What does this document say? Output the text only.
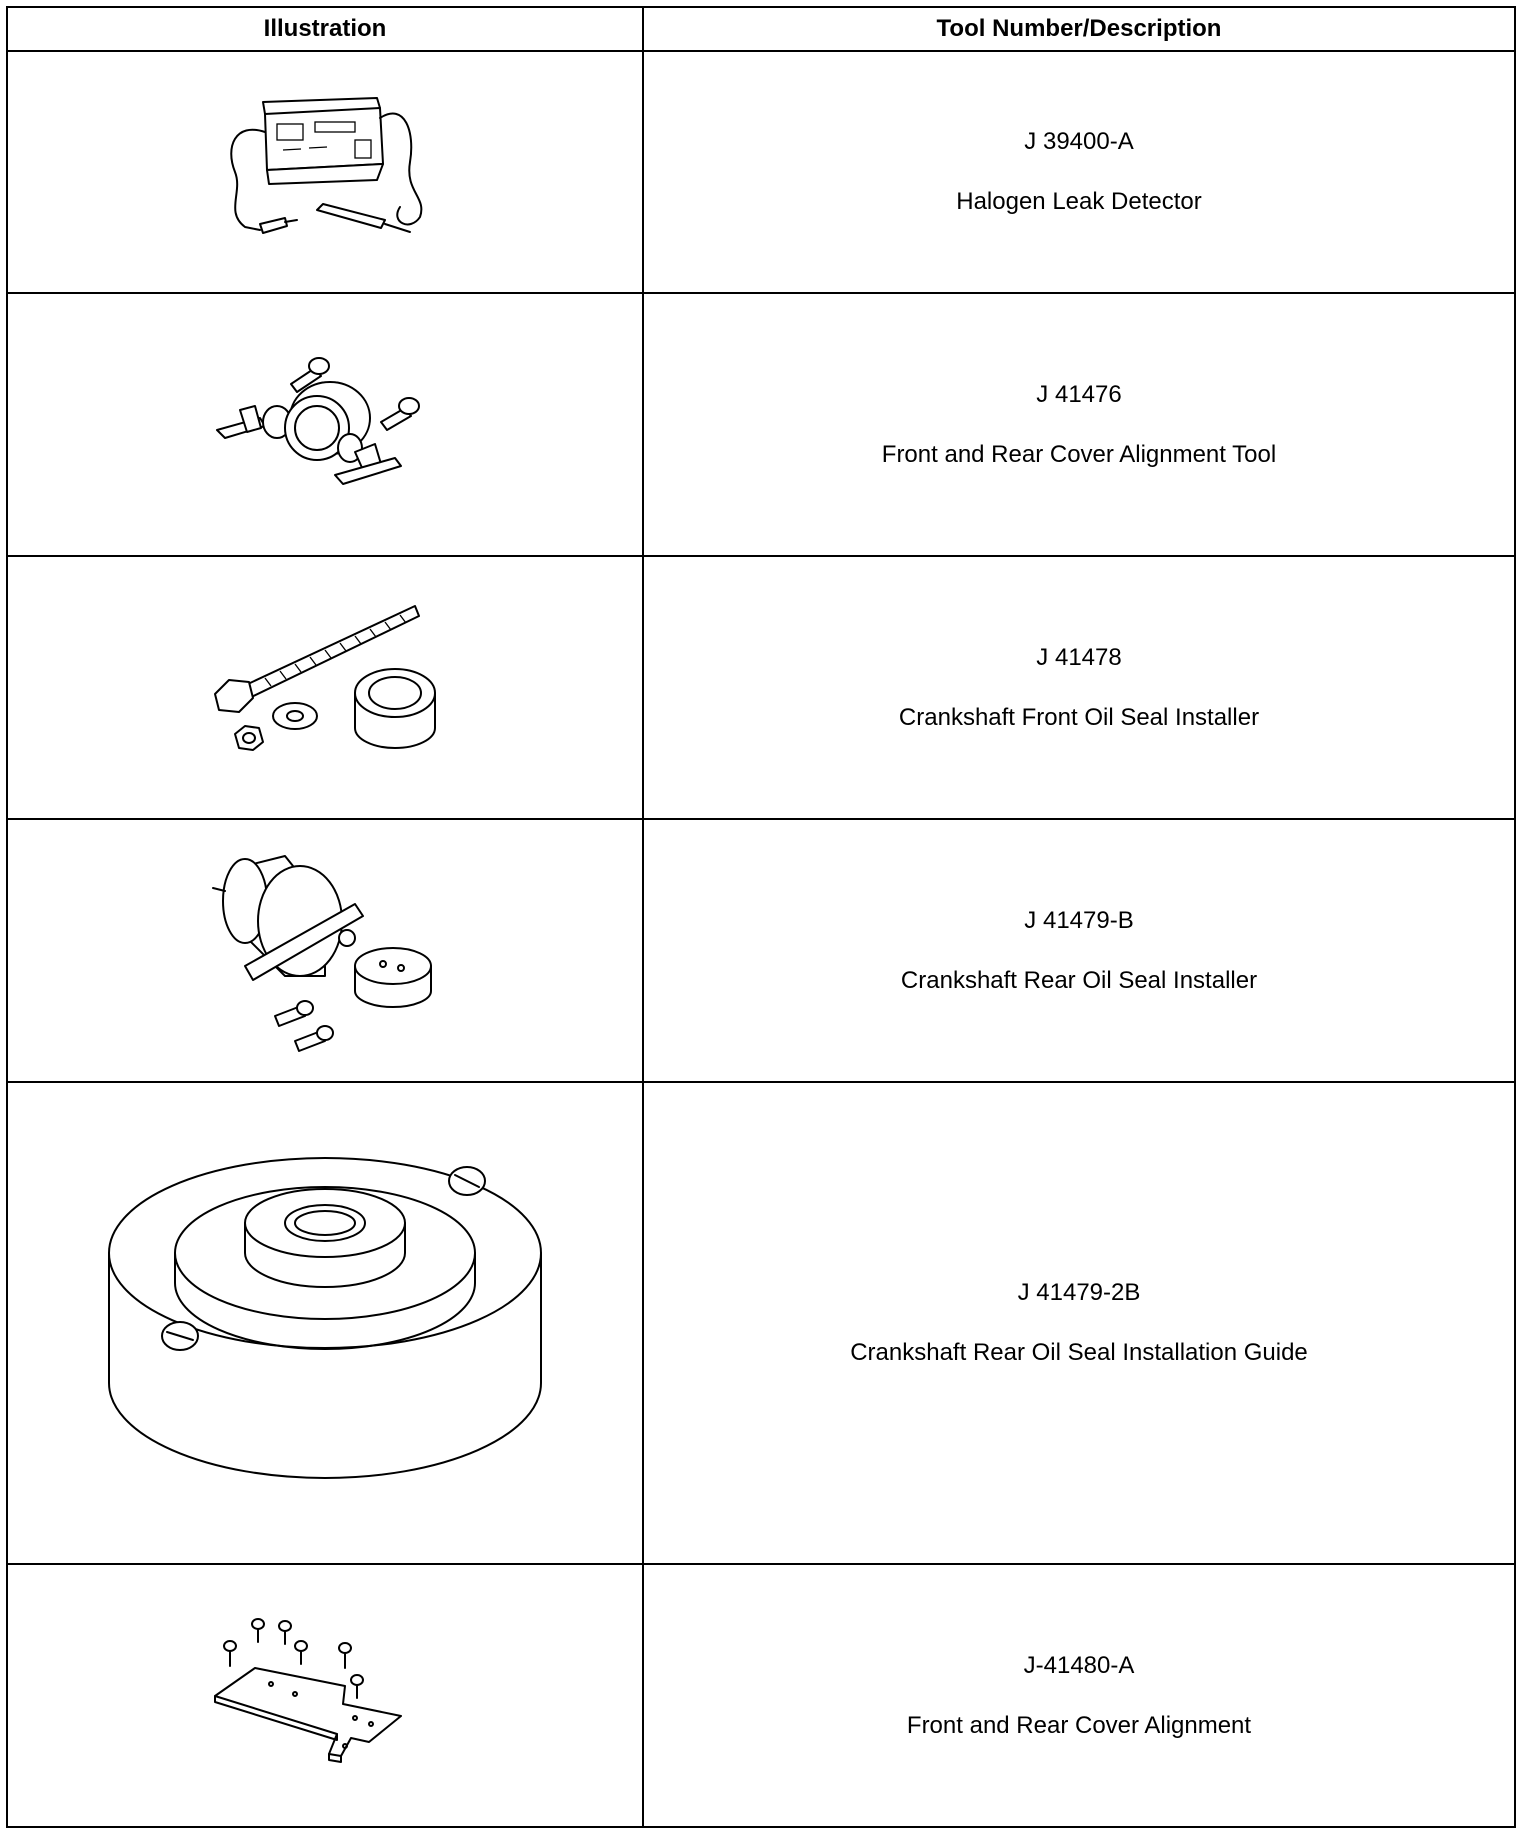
Illustration	Tool Number/Description

J 39400-A
Halogen Leak Detector

J 41476
Front and Rear Cover Alignment Tool

J 41478
Crankshaft Front Oil Seal Installer

J 41479-B
Crankshaft Rear Oil Seal Installer

J 41479-2B
Crankshaft Rear Oil Seal Installation Guide

J-41480-A
Front and Rear Cover Alignment
